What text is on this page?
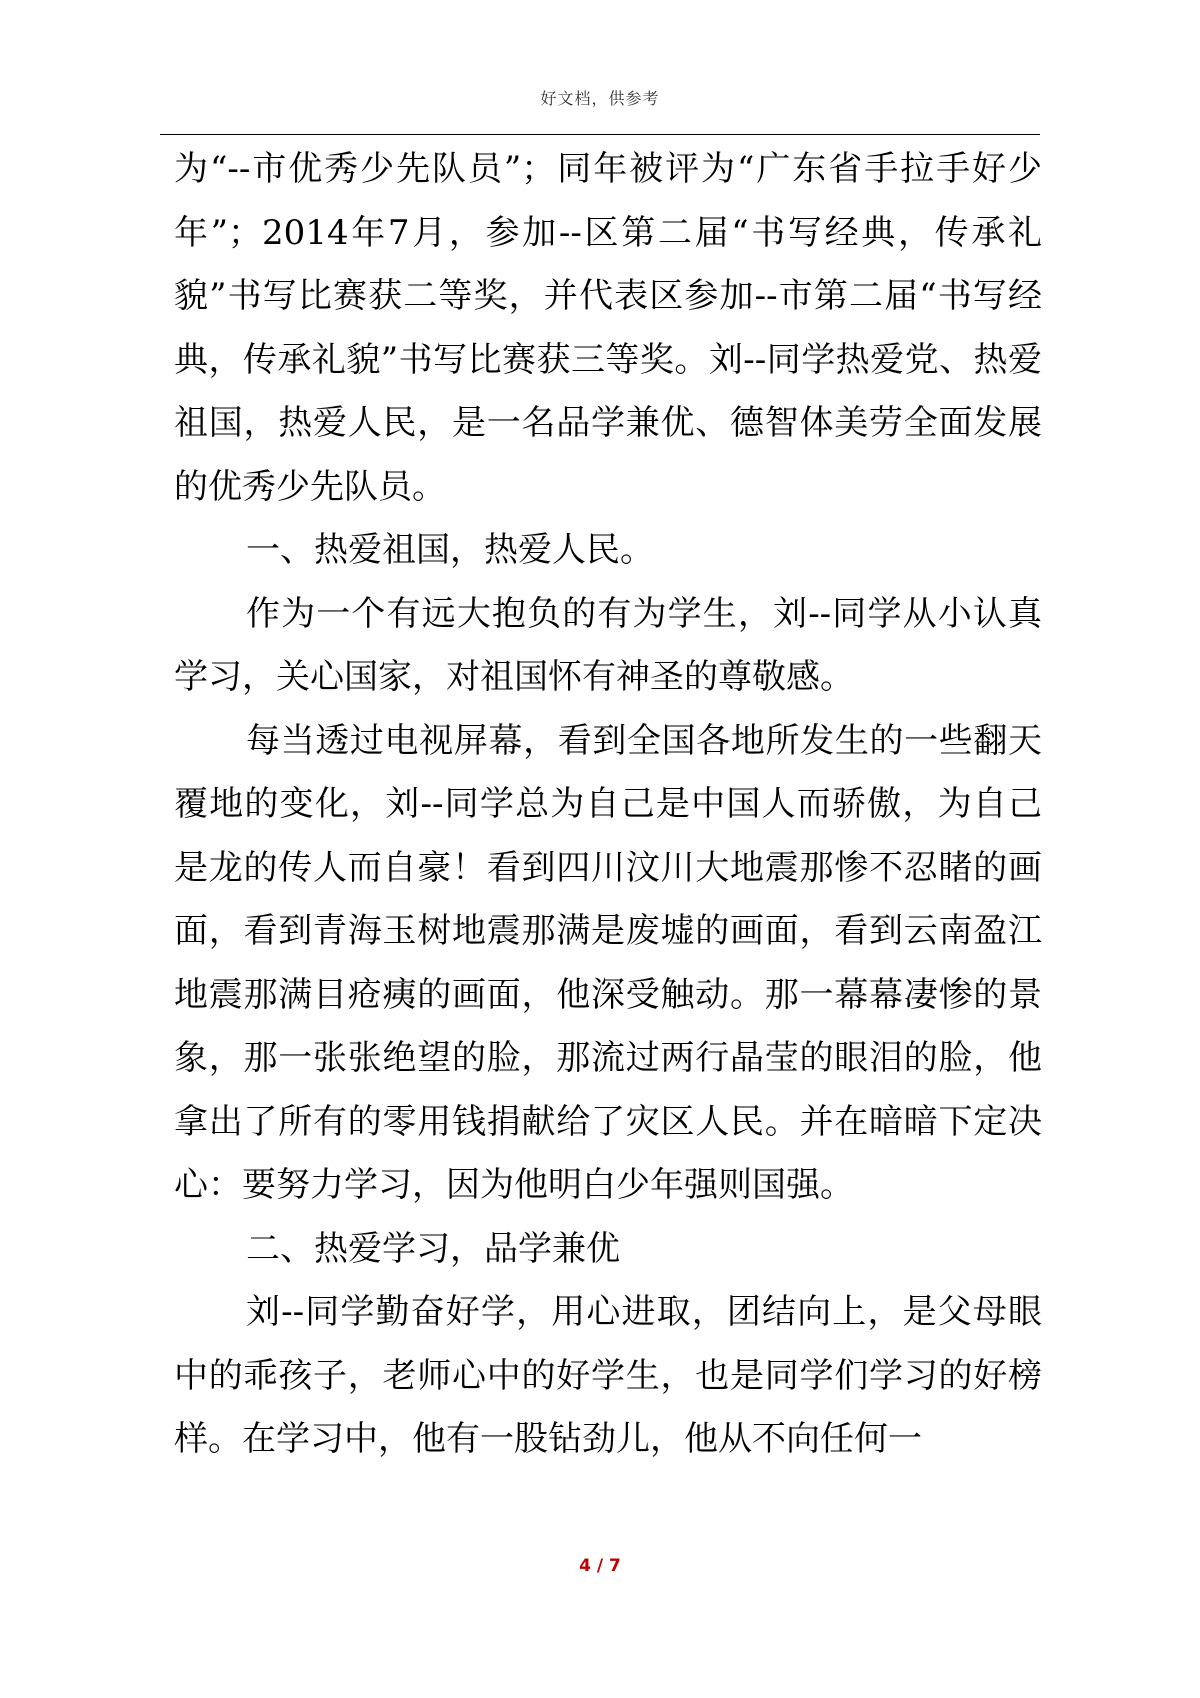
好文档，供参考

为“--市优秀少先队员”；同年被评为“广东省手拉手好少年”；2014年7月，参加--区第二届“书写经典，传承礼貌”书写比赛获二等奖，并代表区参加--市第二届“书写经典，传承礼貌”书写比赛获三等奖。刘--同学热爱党、热爱祖国，热爱人民，是一名品学兼优、德智体美劳全面发展的优秀少先队员。

一、热爱祖国，热爱人民。

作为一个有远大抱负的有为学生，刘--同学从小认真学习，关心国家，对祖国怀有神圣的尊敬感。

每当透过电视屏幕，看到全国各地所发生的一些翻天覆地的变化，刘--同学总为自己是中国人而骄傲，为自己是龙的传人而自豪！看到四川汶川大地震那惨不忍睹的画面，看到青海玉树地震那满是废墟的画面，看到云南盈江地震那满目疮痍的画面，他深受触动。那一幕幕凄惨的景象，那一张张绝望的脸，那流过两行晶莹的眼泪的脸，他拿出了所有的零用钱捐献给了灾区人民。并在暗暗下定决心：要努力学习，因为他明白少年强则国强。

二、热爱学习，品学兼优

刘--同学勤奋好学，用心进取，团结向上，是父母眼中的乖孩子，老师心中的好学生，也是同学们学习的好榜样。在学习中，他有一股钻劲儿，他从不向任何一

4 / 7
